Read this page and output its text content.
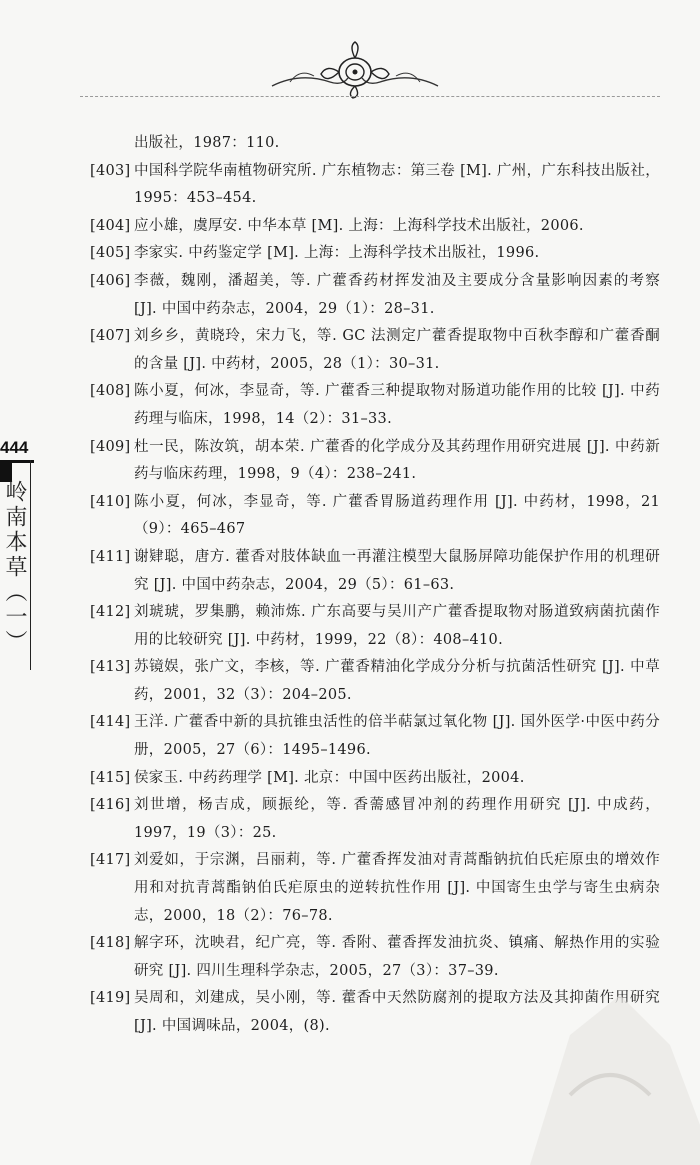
444
岭南本草（一）
出版社，1987：110.
[403] 中国科学院华南植物研究所. 广东植物志：第三卷 [M]. 广州，广东科技出版社，1995：453–454.
[404] 应小雄，虞厚安. 中华本草 [M]. 上海：上海科学技术出版社，2006.
[405] 李家实. 中药鉴定学 [M]. 上海：上海科学技术出版社，1996.
[406] 李薇，魏刚，潘超美，等. 广藿香药材挥发油及主要成分含量影响因素的考察 [J]. 中国中药杂志，2004，29（1）：28–31.
[407] 刘乡乡，黄晓玲，宋力飞，等. GC 法测定广藿香提取物中百秋李醇和广藿香酮的含量 [J]. 中药材，2005，28（1）：30–31.
[408] 陈小夏，何冰，李显奇，等. 广藿香三种提取物对肠道功能作用的比较 [J]. 中药药理与临床，1998，14（2）：31–33.
[409] 杜一民，陈汝筑，胡本荣. 广藿香的化学成分及其药理作用研究进展 [J]. 中药新药与临床药理，1998，9（4）：238–241.
[410] 陈小夏，何冰，李显奇，等. 广藿香胃肠道药理作用 [J]. 中药材，1998，21（9）：465–467
[411] 谢肄聪，唐方. 藿香对肢体缺血一再灌注模型大鼠肠屏障功能保护作用的机理研究 [J]. 中国中药杂志，2004，29（5）：61–63.
[412] 刘琥琥，罗集鹏，赖沛炼. 广东高要与吴川产广藿香提取物对肠道致病菌抗菌作用的比较研究 [J]. 中药材，1999，22（8）：408–410.
[413] 苏镜娱，张广文，李核，等. 广藿香精油化学成分分析与抗菌活性研究 [J]. 中草药，2001，32（3）：204–205.
[414] 王洋. 广藿香中新的具抗锥虫活性的倍半萜氯过氧化物 [J]. 国外医学·中医中药分册，2005，27（6）：1495–1496.
[415] 侯家玉. 中药药理学 [M]. 北京：中国中医药出版社，2004.
[416] 刘世增，杨吉成，顾振纶，等. 香薷感冒冲剂的药理作用研究 [J]. 中成药，1997，19（3）：25.
[417] 刘爱如，于宗渊，吕丽莉，等. 广藿香挥发油对青蒿酯钠抗伯氏疟原虫的增效作用和对抗青蒿酯钠伯氏疟原虫的逆转抗性作用 [J]. 中国寄生虫学与寄生虫病杂志，2000，18（2）：76–78.
[418] 解字环，沈映君，纪广亮，等. 香附、藿香挥发油抗炎、镇痛、解热作用的实验研究 [J]. 四川生理科学杂志，2005，27（3）：37–39.
[419] 吴周和，刘建成，吴小刚，等. 藿香中天然防腐剂的提取方法及其抑菌作用研究 [J]. 中国调味品，2004，(8).
